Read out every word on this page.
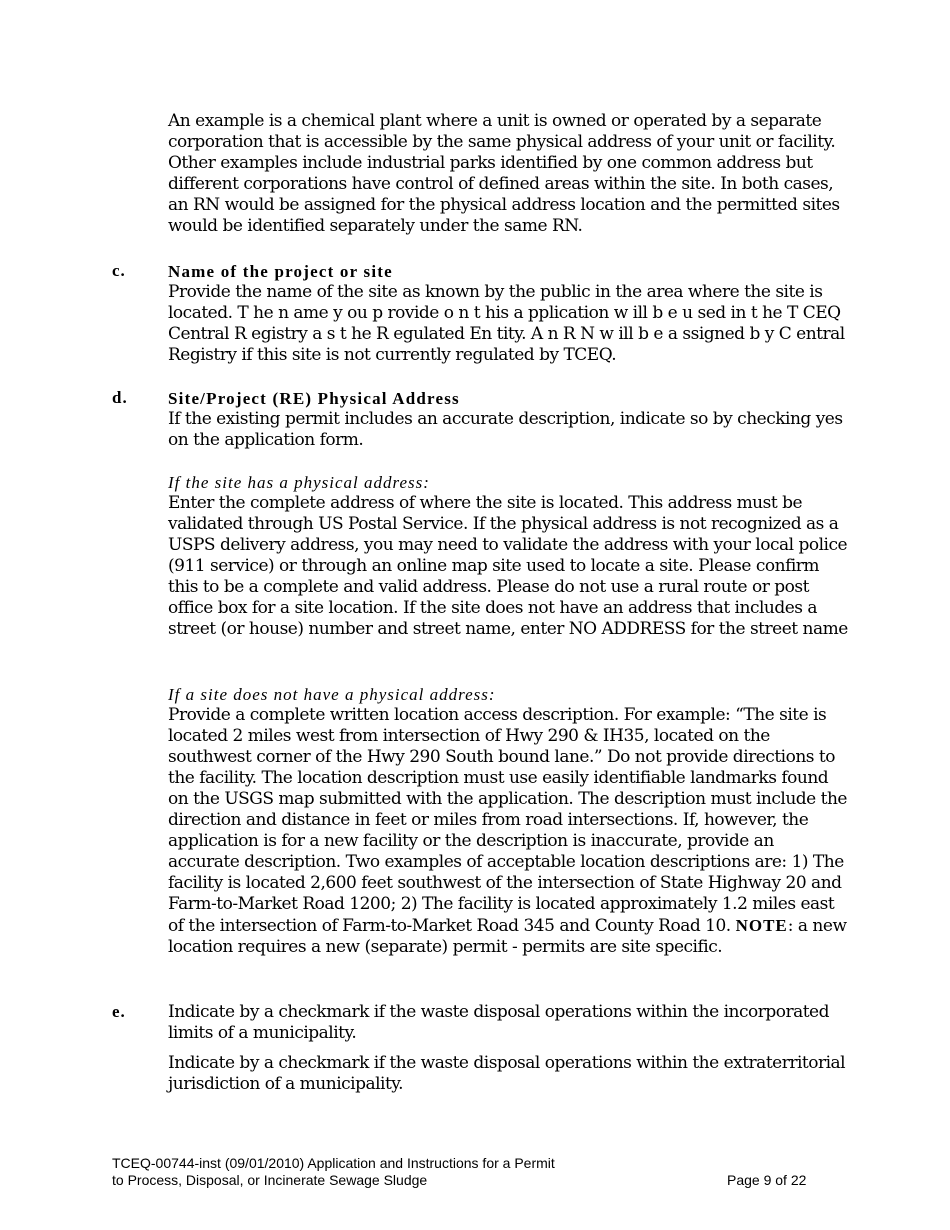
An example is a chemical plant where a unit is owned or operated by a separate corporation that is accessible by the same physical address of your unit or facility. Other examples include industrial parks identified by one common address but different corporations have control of defined areas within the site. In both cases, an RN would be assigned for the physical address location and the permitted sites would be identified separately under the same RN.

c. Name of the project or site

Provide the name of the site as known by the public in the area where the site is located. T he n ame y ou p rovide o n t his a pplication w ill b e u sed in t he T CEQ Central R egistry a s t he R egulated En tity. A n R N w ill b e a ssigned b y C entral Registry if this site is not currently regulated by TCEQ.

d. Site/Project (RE) Physical Address

If the existing permit includes an accurate description, indicate so by checking yes on the application form.

If the site has a physical address:

Enter the complete address of where the site is located. This address must be validated through US Postal Service. If the physical address is not recognized as a USPS delivery address, you may need to validate the address with your local police (911 service) or through an online map site used to locate a site. Please confirm this to be a complete and valid address. Please do not use a rural route or post office box for a site location. If the site does not have an address that includes a street (or house) number and street name, enter NO ADDRESS for the street name

If a site does not have a physical address:

Provide a complete written location access description. For example: “The site is located 2 miles west from intersection of Hwy 290 & IH35, located on the southwest corner of the Hwy 290 South bound lane.” Do not provide directions to the facility. The location description must use easily identifiable landmarks found on the USGS map submitted with the application. The description must include the direction and distance in feet or miles from road intersections. If, however, the application is for a new facility or the description is inaccurate, provide an accurate description. Two examples of acceptable location descriptions are: 1) The facility is located 2,600 feet southwest of the intersection of State Highway 20 and Farm-to-Market Road 1200; 2) The facility is located approximately 1.2 miles east of the intersection of Farm-to-Market Road 345 and County Road 10. NOTE: a new location requires a new (separate) permit - permits are site specific.

e. Indicate by a checkmark if the waste disposal operations within the incorporated limits of a municipality.

Indicate by a checkmark if the waste disposal operations within the extraterritorial jurisdiction of a municipality.

TCEQ-00744-inst (09/01/2010) Application and Instructions for a Permit
to Process, Disposal, or Incinerate Sewage Sludge	Page 9 of 22
